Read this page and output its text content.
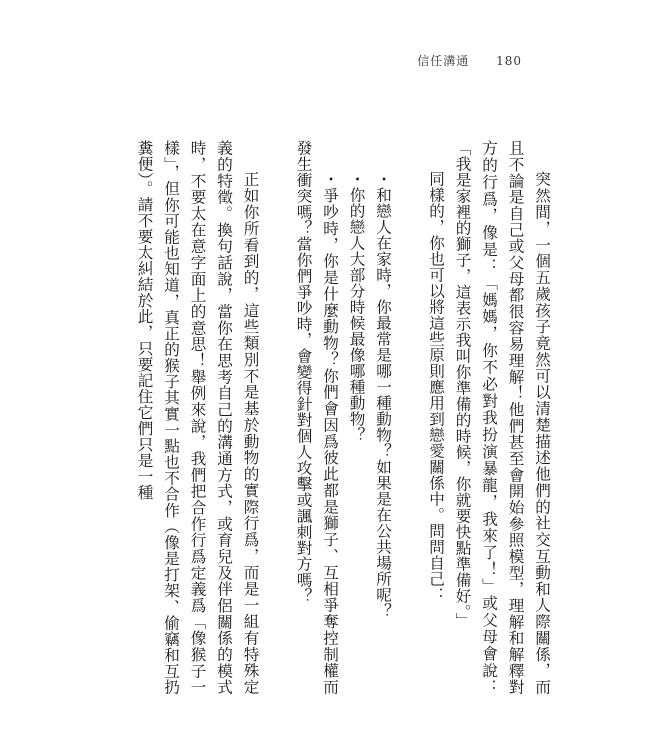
信任溝通 180

突然間，一個五歲孩子竟然可以清楚描述他們的社交互動和人際關係，而且不論是自己或父母都很容易理解！他們甚至會開始參照模型，理解和解釋對方的行爲，像是：「媽媽，你不必對我扮演暴龍，我來了！」或父母會說：「我是家裡的獅子，這表示我叫你準備的時候，你就要快點準備好。」

同樣的，你也可以將這些原則應用到戀愛關係中。問問自己：

・和戀人在家時，你最常是哪一種動物？如果是在公共場所呢？

・你的戀人大部分時候最像哪種動物？

・爭吵時，你是什麼動物？你們會因爲彼此都是獅子、互相爭奪控制權而發生衝突嗎？當你們爭吵時，會變得針對個人攻擊或諷刺對方嗎？

正如你所看到的，這些類別不是基於動物的實際行爲，而是一組有特殊定義的特徵。換句話說，當你在思考自己的溝通方式，或育兒及伴侶關係的模式時，不要太在意字面上的意思！舉例來說，我們把合作行爲定義爲「像猴子一樣」，但你可能也知道，真正的猴子其實一點也不合作（像是打架、偷竊和互扔糞便）。請不要太糾結於此，只要記住它們只是一種
